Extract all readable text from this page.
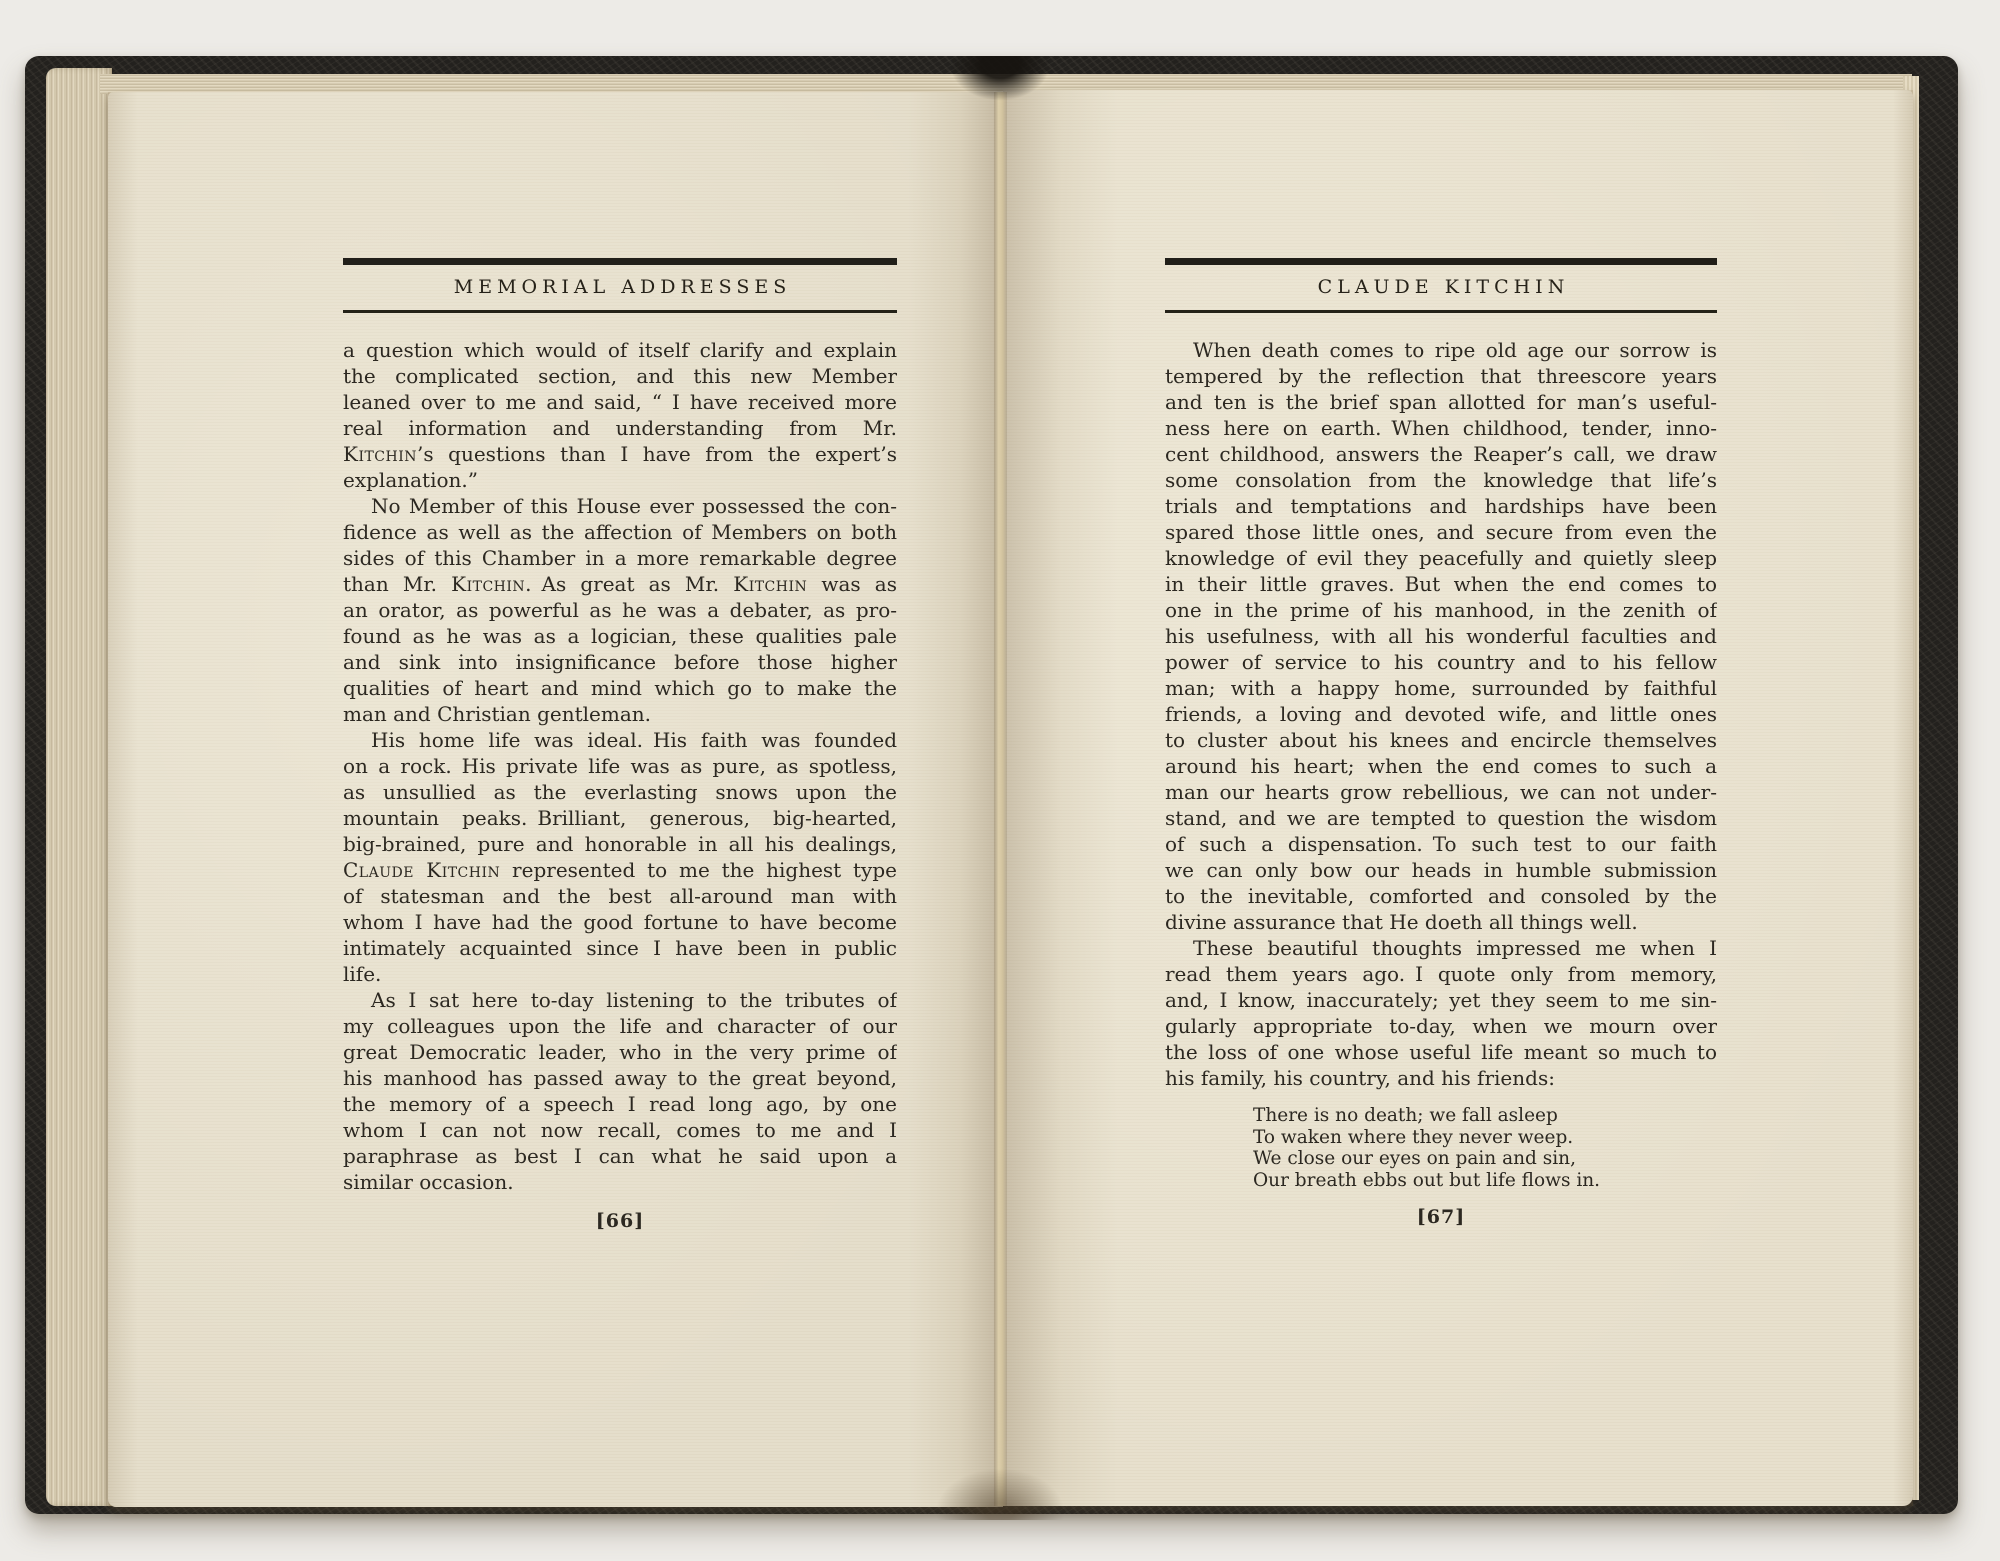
MEMORIAL ADDRESSES
a question which would of itself clarify and explain
the complicated section, and this new Member
leaned over to me and said, “ I have received more
real information and understanding from Mr.
Kitchin’s questions than I have from the expert’s
explanation.”
No Member of this House ever possessed the con-
fidence as well as the affection of Members on both
sides of this Chamber in a more remarkable degree
than Mr. Kitchin. As great as Mr. Kitchin was as
an orator, as powerful as he was a debater, as pro-
found as he was as a logician, these qualities pale
and sink into insignificance before those higher
qualities of heart and mind which go to make the
man and Christian gentleman.
His home life was ideal. His faith was founded
on a rock. His private life was as pure, as spotless,
as unsullied as the everlasting snows upon the
mountain peaks. Brilliant, generous, big-hearted,
big-brained, pure and honorable in all his dealings,
Claude Kitchin represented to me the highest type
of statesman and the best all-around man with
whom I have had the good fortune to have become
intimately acquainted since I have been in public
life.
As I sat here to-day listening to the tributes of
my colleagues upon the life and character of our
great Democratic leader, who in the very prime of
his manhood has passed away to the great beyond,
the memory of a speech I read long ago, by one
whom I can not now recall, comes to me and I
paraphrase as best I can what he said upon a
similar occasion.
[66]
CLAUDE KITCHIN
When death comes to ripe old age our sorrow is
tempered by the reflection that threescore years
and ten is the brief span allotted for man’s useful-
ness here on earth. When childhood, tender, inno-
cent childhood, answers the Reaper’s call, we draw
some consolation from the knowledge that life’s
trials and temptations and hardships have been
spared those little ones, and secure from even the
knowledge of evil they peacefully and quietly sleep
in their little graves. But when the end comes to
one in the prime of his manhood, in the zenith of
his usefulness, with all his wonderful faculties and
power of service to his country and to his fellow
man; with a happy home, surrounded by faithful
friends, a loving and devoted wife, and little ones
to cluster about his knees and encircle themselves
around his heart; when the end comes to such a
man our hearts grow rebellious, we can not under-
stand, and we are tempted to question the wisdom
of such a dispensation. To such test to our faith
we can only bow our heads in humble submission
to the inevitable, comforted and consoled by the
divine assurance that He doeth all things well.
These beautiful thoughts impressed me when I
read them years ago. I quote only from memory,
and, I know, inaccurately; yet they seem to me sin-
gularly appropriate to-day, when we mourn over
the loss of one whose useful life meant so much to
his family, his country, and his friends:
There is no death; we fall asleep
To waken where they never weep.
We close our eyes on pain and sin,
Our breath ebbs out but life flows in.
[67]
